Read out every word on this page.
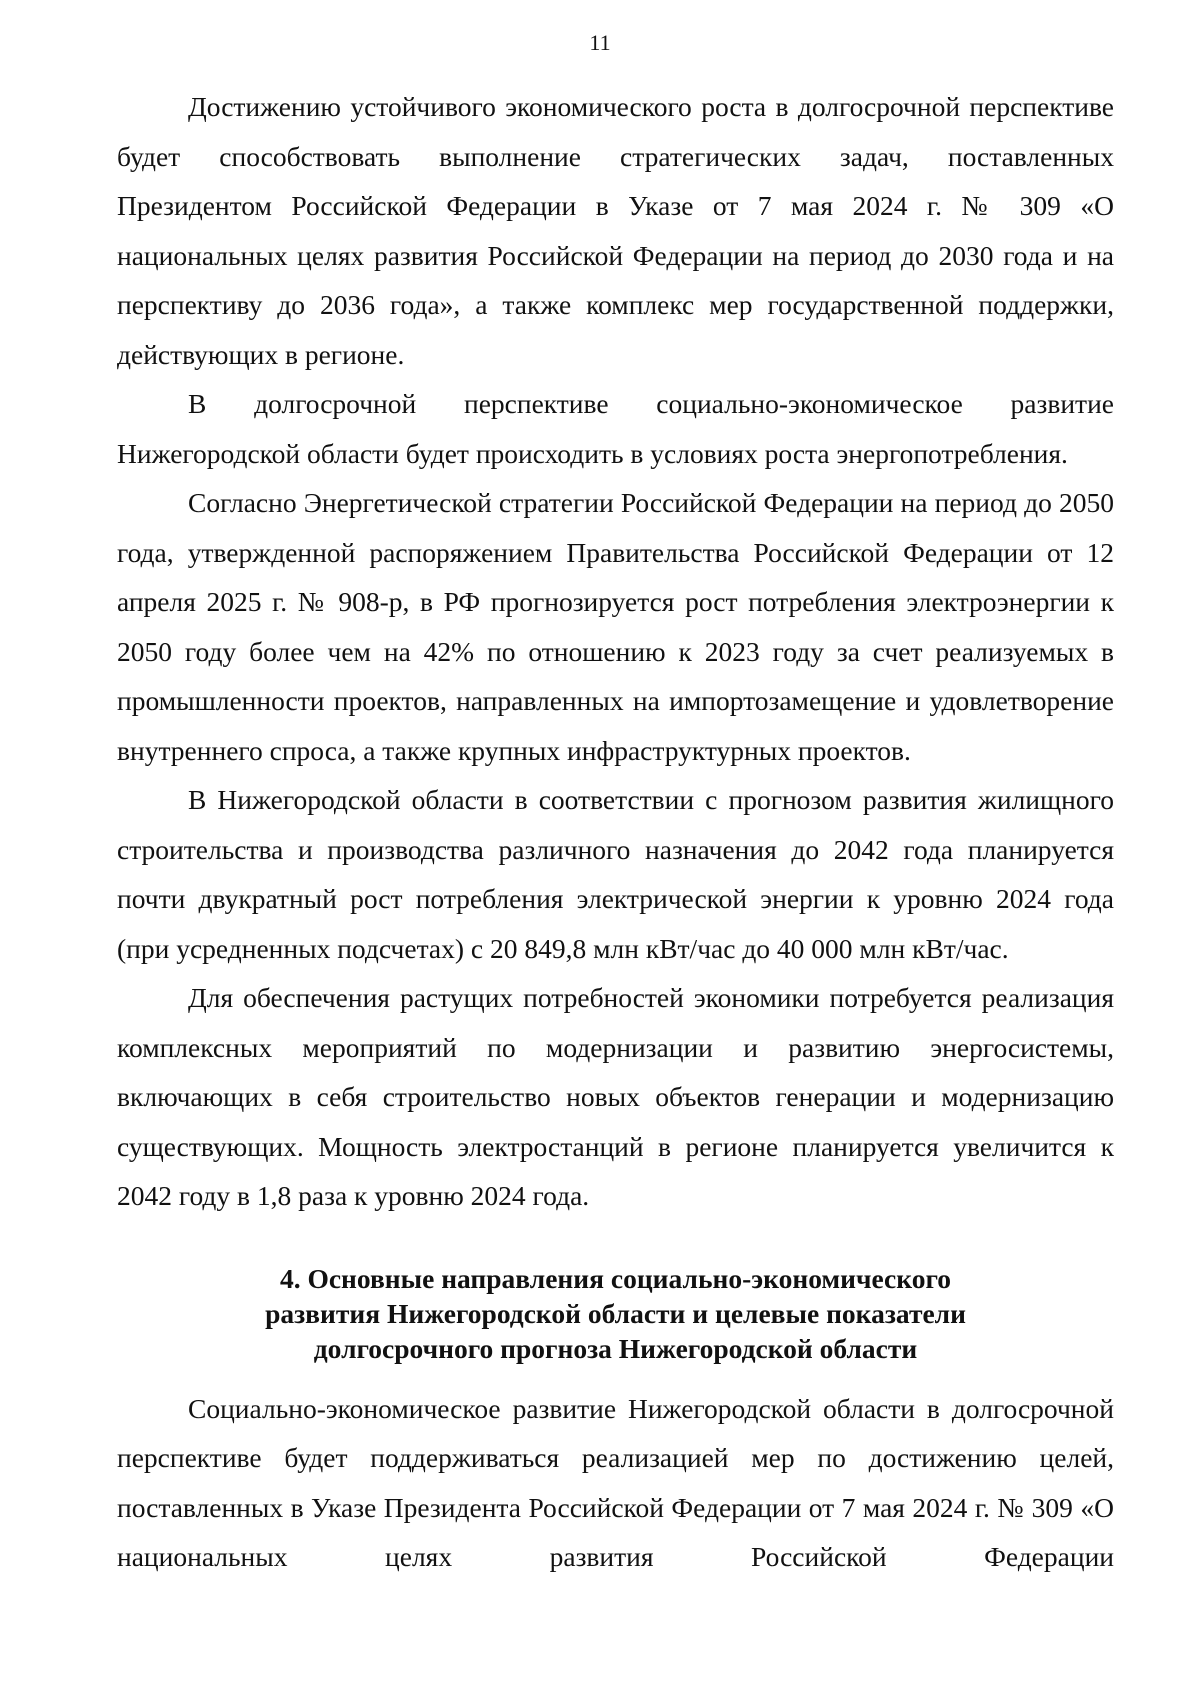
11

Достижению устойчивого экономического роста в долгосрочной перспективе будет способствовать выполнение стратегических задач, поставленных Президентом Российской Федерации в Указе от 7 мая 2024 г. № 309 «О национальных целях развития Российской Федерации на период до 2030 года и на перспективу до 2036 года», а также комплекс мер государственной поддержки, действующих в регионе.

В долгосрочной перспективе социально-экономическое развитие Нижегородской области будет происходить в условиях роста энергопотребления.

Согласно Энергетической стратегии Российской Федерации на период до 2050 года, утвержденной распоряжением Правительства Российской Федерации от 12 апреля 2025 г. № 908-р, в РФ прогнозируется рост потребления электроэнергии к 2050 году более чем на 42% по отношению к 2023 году за счет реализуемых в промышленности проектов, направленных на импортозамещение и удовлетворение внутреннего спроса, а также крупных инфраструктурных проектов.

В Нижегородской области в соответствии с прогнозом развития жилищного строительства и производства различного назначения до 2042 года планируется почти двукратный рост потребления электрической энергии к уровню 2024 года (при усредненных подсчетах) с 20 849,8 млн кВт/час до 40 000 млн кВт/час.

Для обеспечения растущих потребностей экономики потребуется реализация комплексных мероприятий по модернизации и развитию энергосистемы, включающих в себя строительство новых объектов генерации и модернизацию существующих. Мощность электростанций в регионе планируется увеличится к 2042 году в 1,8 раза к уровню 2024 года.

4. Основные направления социально-экономического
развития Нижегородской области и целевые показатели
долгосрочного прогноза Нижегородской области

Социально-экономическое развитие Нижегородской области в долгосрочной перспективе будет поддерживаться реализацией мер по достижению целей, поставленных в Указе Президента Российской Федерации от 7 мая 2024 г. № 309 «О национальных целях развития Российской Федерации
